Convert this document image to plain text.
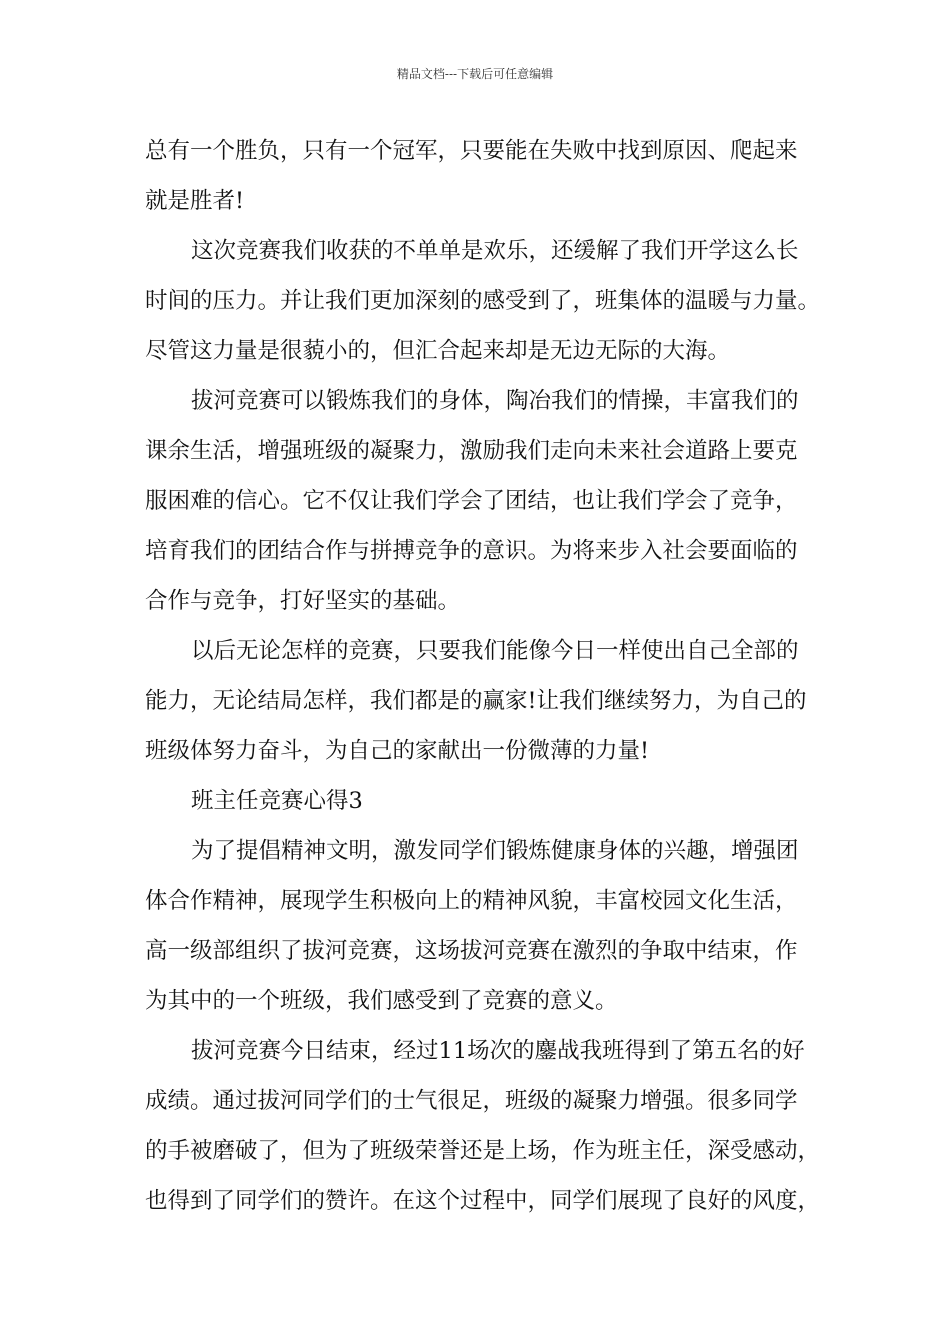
精品文档---下载后可任意编辑
总有一个胜负，只有一个冠军，只要能在失败中找到原因、爬起来
就是胜者!
这次竞赛我们收获的不单单是欢乐，还缓解了我们开学这么长
时间的压力。并让我们更加深刻的感受到了，班集体的温暖与力量。
尽管这力量是很藐小的，但汇合起来却是无边无际的大海。
拔河竞赛可以锻炼我们的身体，陶冶我们的情操，丰富我们的
课余生活，增强班级的凝聚力，激励我们走向未来社会道路上要克
服困难的信心。它不仅让我们学会了团结，也让我们学会了竞争，
培育我们的团结合作与拼搏竞争的意识。为将来步入社会要面临的
合作与竞争，打好坚实的基础。
以后无论怎样的竞赛，只要我们能像今日一样使出自己全部的
能力，无论结局怎样，我们都是的赢家!让我们继续努力，为自己的
班级体努力奋斗，为自己的家献出一份微薄的力量!
班主任竞赛心得3
为了提倡精神文明，激发同学们锻炼健康身体的兴趣，增强团
体合作精神，展现学生积极向上的精神风貌，丰富校园文化生活，
高一级部组织了拔河竞赛，这场拔河竞赛在激烈的争取中结束，作
为其中的一个班级，我们感受到了竞赛的意义。
拔河竞赛今日结束，经过11场次的鏖战我班得到了第五名的好
成绩。通过拔河同学们的士气很足，班级的凝聚力增强。很多同学
的手被磨破了，但为了班级荣誉还是上场，作为班主任，深受感动，
也得到了同学们的赞许。在这个过程中，同学们展现了良好的风度，
